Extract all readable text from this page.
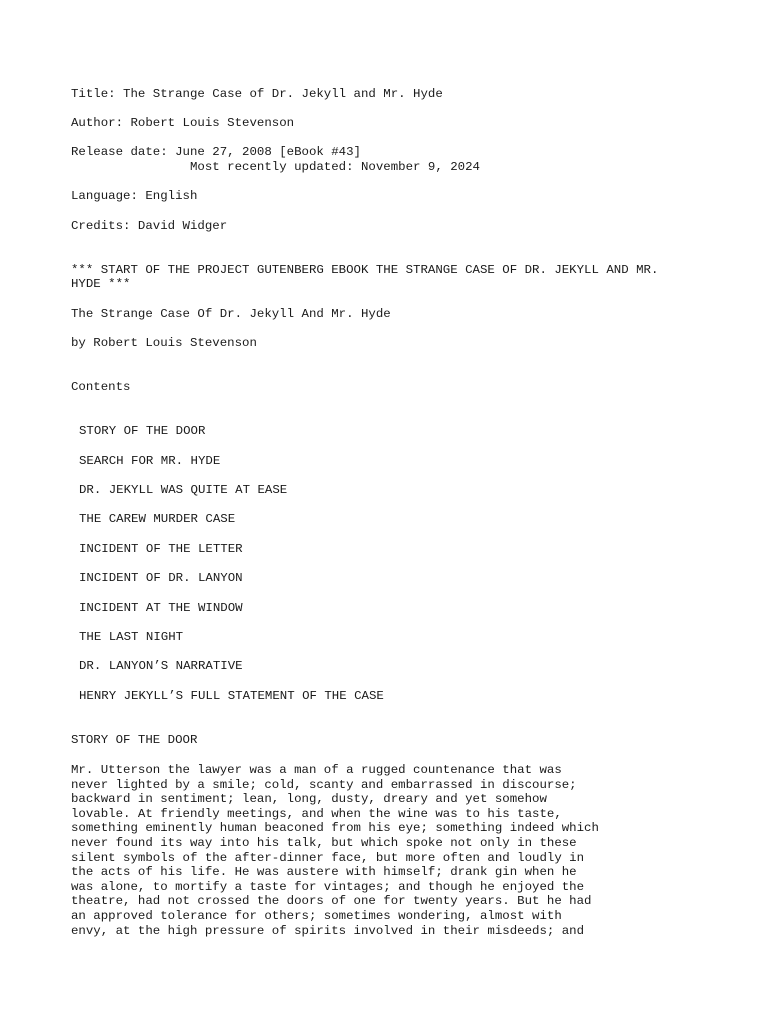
Title: The Strange Case of Dr. Jekyll and Mr. Hyde
Author: Robert Louis Stevenson
Release date: June 27, 2008 [eBook #43]
Most recently updated: November 9, 2024
Language: English
Credits: David Widger
*** START OF THE PROJECT GUTENBERG EBOOK THE STRANGE CASE OF DR. JEKYLL AND MR.
HYDE ***
The Strange Case Of Dr. Jekyll And Mr. Hyde
by Robert Louis Stevenson
Contents
STORY OF THE DOOR
SEARCH FOR MR. HYDE
DR. JEKYLL WAS QUITE AT EASE
THE CAREW MURDER CASE
INCIDENT OF THE LETTER
INCIDENT OF DR. LANYON
INCIDENT AT THE WINDOW
THE LAST NIGHT
DR. LANYON’S NARRATIVE
HENRY JEKYLL’S FULL STATEMENT OF THE CASE
STORY OF THE DOOR
Mr. Utterson the lawyer was a man of a rugged countenance that was
never lighted by a smile; cold, scanty and embarrassed in discourse;
backward in sentiment; lean, long, dusty, dreary and yet somehow
lovable. At friendly meetings, and when the wine was to his taste,
something eminently human beaconed from his eye; something indeed which
never found its way into his talk, but which spoke not only in these
silent symbols of the after-dinner face, but more often and loudly in
the acts of his life. He was austere with himself; drank gin when he
was alone, to mortify a taste for vintages; and though he enjoyed the
theatre, had not crossed the doors of one for twenty years. But he had
an approved tolerance for others; sometimes wondering, almost with
envy, at the high pressure of spirits involved in their misdeeds; and
